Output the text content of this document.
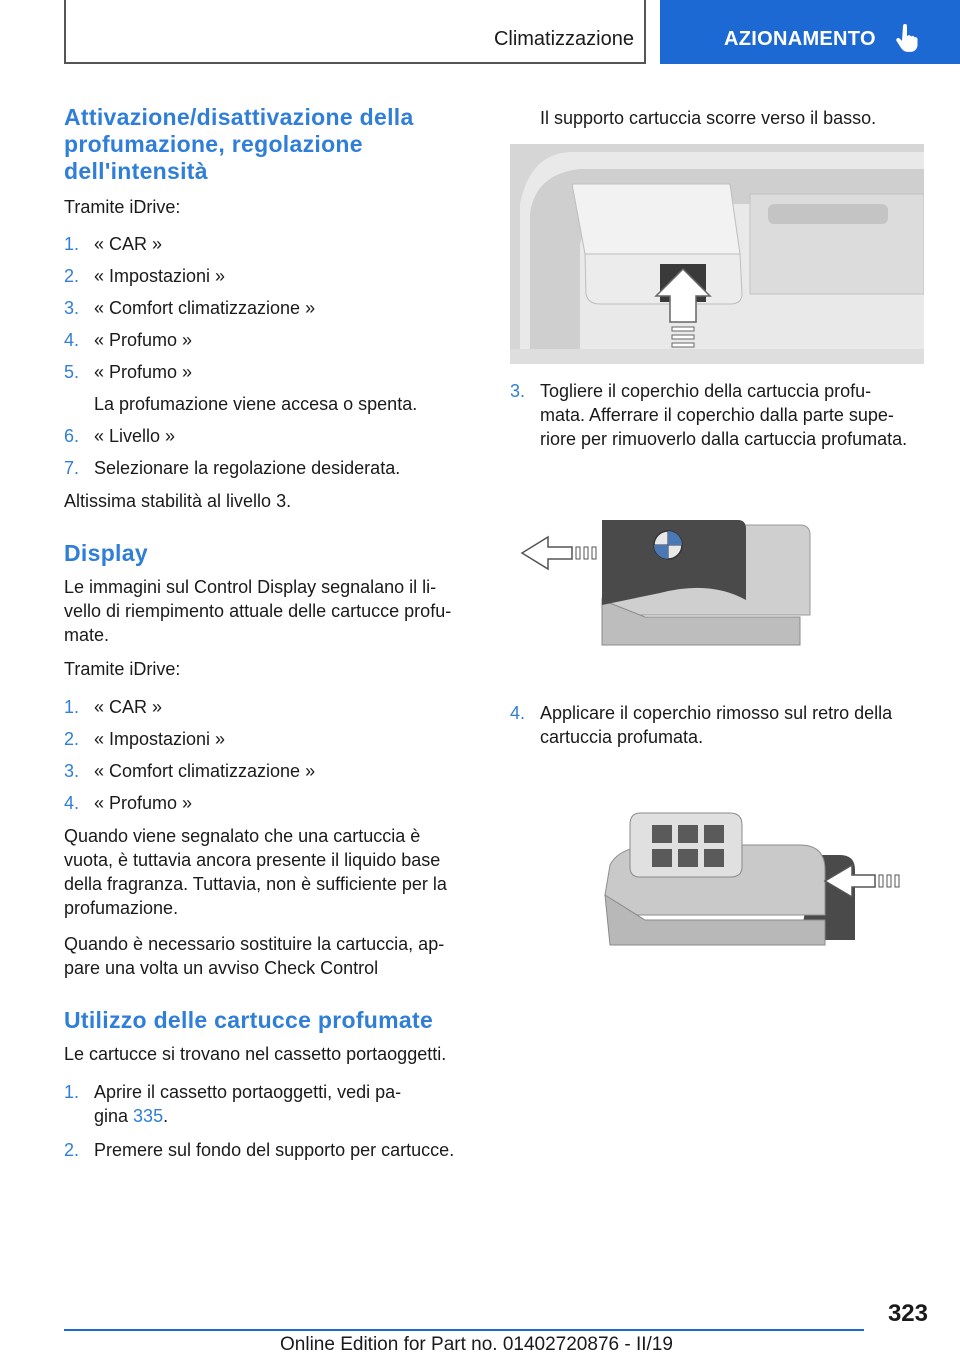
Climatizzazione	AZIONAMENTO
Attivazione/disattivazione della
profumazione, regolazione
dell'intensità

Tramite iDrive:

1. « CAR »
2. « Impostazioni »
3. « Comfort climatizzazione »
4. « Profumo »
5. « Profumo »
La profumazione viene accesa o spenta.
6. « Livello »
7. Selezionare la regolazione desiderata.

Altissima stabilità al livello 3.

Display

Le immagini sul Control Display segnalano il li-
vello di riempimento attuale delle cartucce profu-
mate.

Tramite iDrive:

1. « CAR »
2. « Impostazioni »
3. « Comfort climatizzazione »
4. « Profumo »

Quando viene segnalato che una cartuccia è
vuota, è tuttavia ancora presente il liquido base
della fragranza. Tuttavia, non è sufficiente per la
profumazione.

Quando è necessario sostituire la cartuccia, ap-
pare una volta un avviso Check Control

Utilizzo delle cartucce profumate

Le cartucce si trovano nel cassetto portaoggetti.

1. Aprire il cassetto portaoggetti, vedi pa-
gina 335.
2. Premere sul fondo del supporto per cartucce.

Il supporto cartuccia scorre verso il basso.

3. Togliere il coperchio della cartuccia profu-
mata. Afferrare il coperchio dalla parte supe-
riore per rimuoverlo dalla cartuccia profumata.
4. Applicare il coperchio rimosso sul retro della
cartuccia profumata.
323
Online Edition for Part no. 01402720876 - II/19
